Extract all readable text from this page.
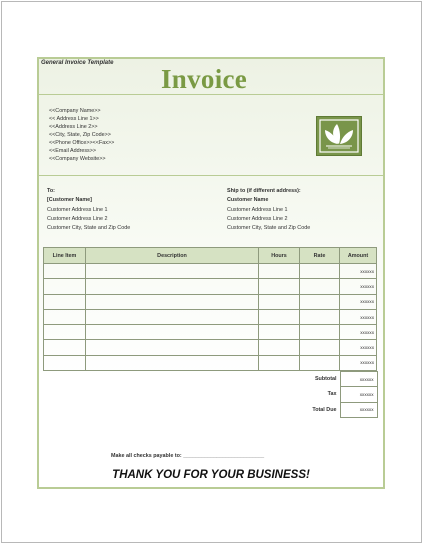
General Invoice Template
Invoice
<<Company Name>>
<< Address Line 1>>
<<Address Line 2>>
<<City, State, Zip Code>>
<<Phone Office>><<Fax>>
<<Email Address>>
<<Company Website>>
To:
[Customer Name]
Customer Address Line 1
Customer Address Line 2
Customer City, State and Zip Code
Ship to (if different address):
Customer Name
Customer Address Line 1
Customer Address Line 2
Customer City, State and Zip Code
Line Item	Description	Hours	Rate	Amount
				xxxxxx
				xxxxxx
				xxxxxx
				xxxxxx
				xxxxxx
				xxxxxx
				xxxxxx
Subtotal	xxxxxx
Tax	xxxxxx
Total Due	xxxxxx
Make all checks payable to: ___________________________
THANK YOU FOR YOUR BUSINESS!
